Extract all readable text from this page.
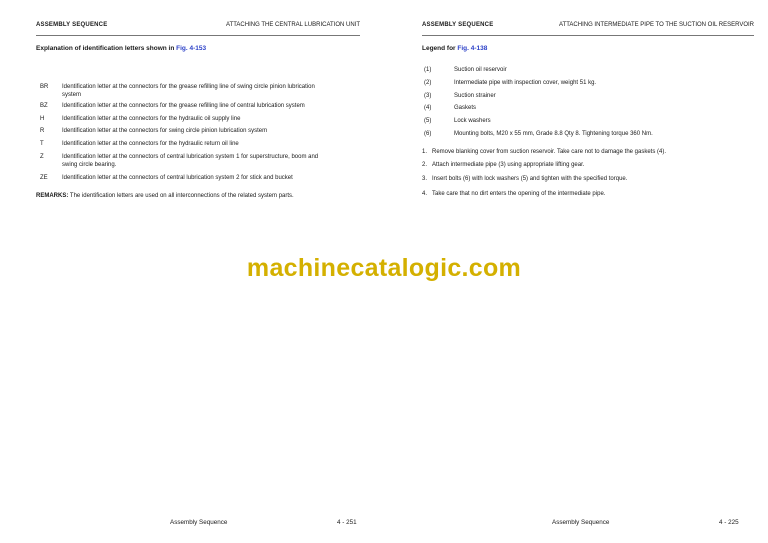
ASSEMBLY SEQUENCE	ATTACHING THE CENTRAL LUBRICATION UNIT
Explanation of identification letters shown in Fig. 4-153
BR Identification letter at the connectors for the grease refilling line of swing circle pinion lubrication
system
BZ Identification letter at the connectors for the grease refilling line of central lubrication system
H	Identification letter at the connectors for the hydraulic oil supply line
R	Identification letter at the connectors for swing circle pinion lubrication system
T	Identification letter at the connectors for the hydraulic return oil line
Z	Identification letter at the connectors of central lubrication system 1 for superstructure, boom and
swing circle bearing.
ZE Identification letter at the connectors of central lubrication system 2 for stick and bucket
REMARKS: The identification letters are used on all interconnections of the related system parts.
Assembly Sequence	4 - 251
ASSEMBLY SEQUENCE	ATTACHING INTERMEDIATE PIPE TO THE SUCTION OIL RESERVOIR
Legend for Fig. 4-138
(1)	Suction oil reservoir
(2)	Intermediate pipe with inspection cover, weight 51 kg.
(3)	Suction strainer
(4)	Gaskets
(5)	Lock washers
(6)	Mounting bolts, M20 x 55 mm, Grade 8.8 Qty 8. Tightening torque 360 Nm.
1. Remove blanking cover from suction reservoir. Take care not to damage the gaskets (4).
2. Attach intermediate pipe (3) using appropriate lifting gear.
3. Insert bolts (6) with lock washers (5) and tighten with the specified torque.
4. Take care that no dirt enters the opening of the intermediate pipe.
Assembly Sequence	4 - 225
machinecatalogic.com
